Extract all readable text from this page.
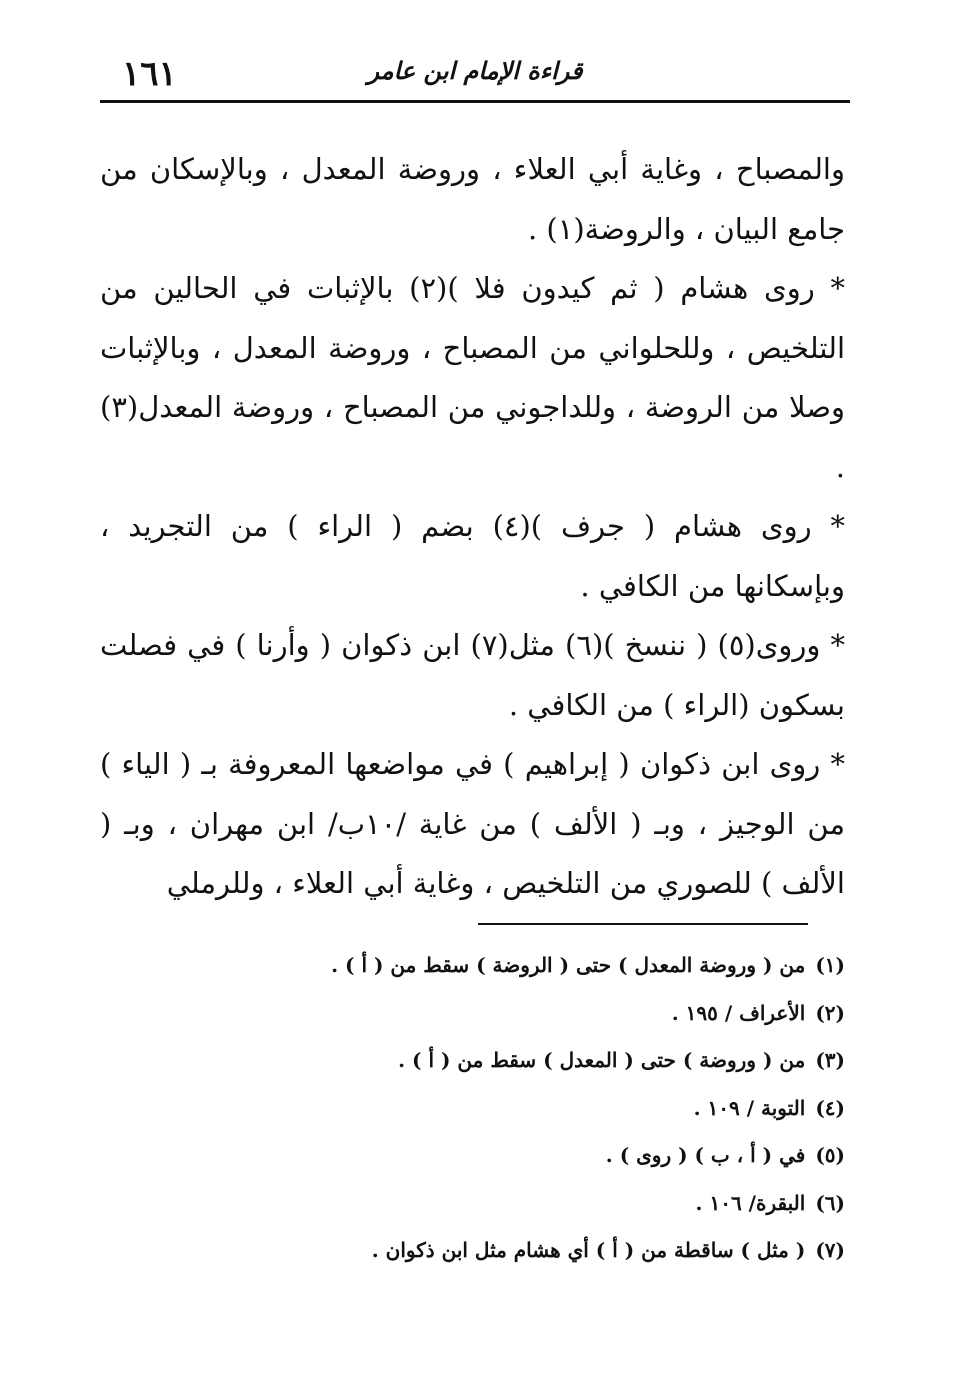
١٦١	قراءة الإمام ابن عامر

والمصباح ، وغاية أبي العلاء ، وروضة المعدل ، وبالإسكان من جامع البيان ، والروضة(١) .

* روى هشام ( ثم كيدون فلا )(٢) بالإثبات في الحالين من التلخيص ، وللحلواني من المصباح ، وروضة المعدل ، وبالإثبات وصلا من الروضة ، وللداجوني من المصباح ، وروضة المعدل(٣) .

* روى هشام ( جرف )(٤) بضم ( الراء ) من التجريد ، وبإسكانها من الكافي .

* وروى(٥) ( ننسخ )(٦) مثل(٧) ابن ذكوان ( وأرنا ) في فصلت بسكون (الراء ) من الكافي .

* روى ابن ذكوان ( إبراهيم ) في مواضعها المعروفة بـ ( الياء ) من الوجيز ، وبـ ( الألف ) من غاية /١٠ب/ ابن مهران ، وبـ ( الألف ) للصوري من التلخيص ، وغاية أبي العلاء ، وللرملي

(١)من ( وروضة المعدل ) حتى ( الروضة ) سقط من ( أ ) .

(٢)الأعراف / ١٩٥ .

(٣)من ( وروضة ) حتى ( المعدل ) سقط من ( أ ) .

(٤)التوبة / ١٠٩ .

(٥)في ( أ ، ب ) ( روى ) .

(٦)البقرة/ ١٠٦ .

(٧)( مثل ) ساقطة من ( أ ) أي هشام مثل ابن ذكوان .
